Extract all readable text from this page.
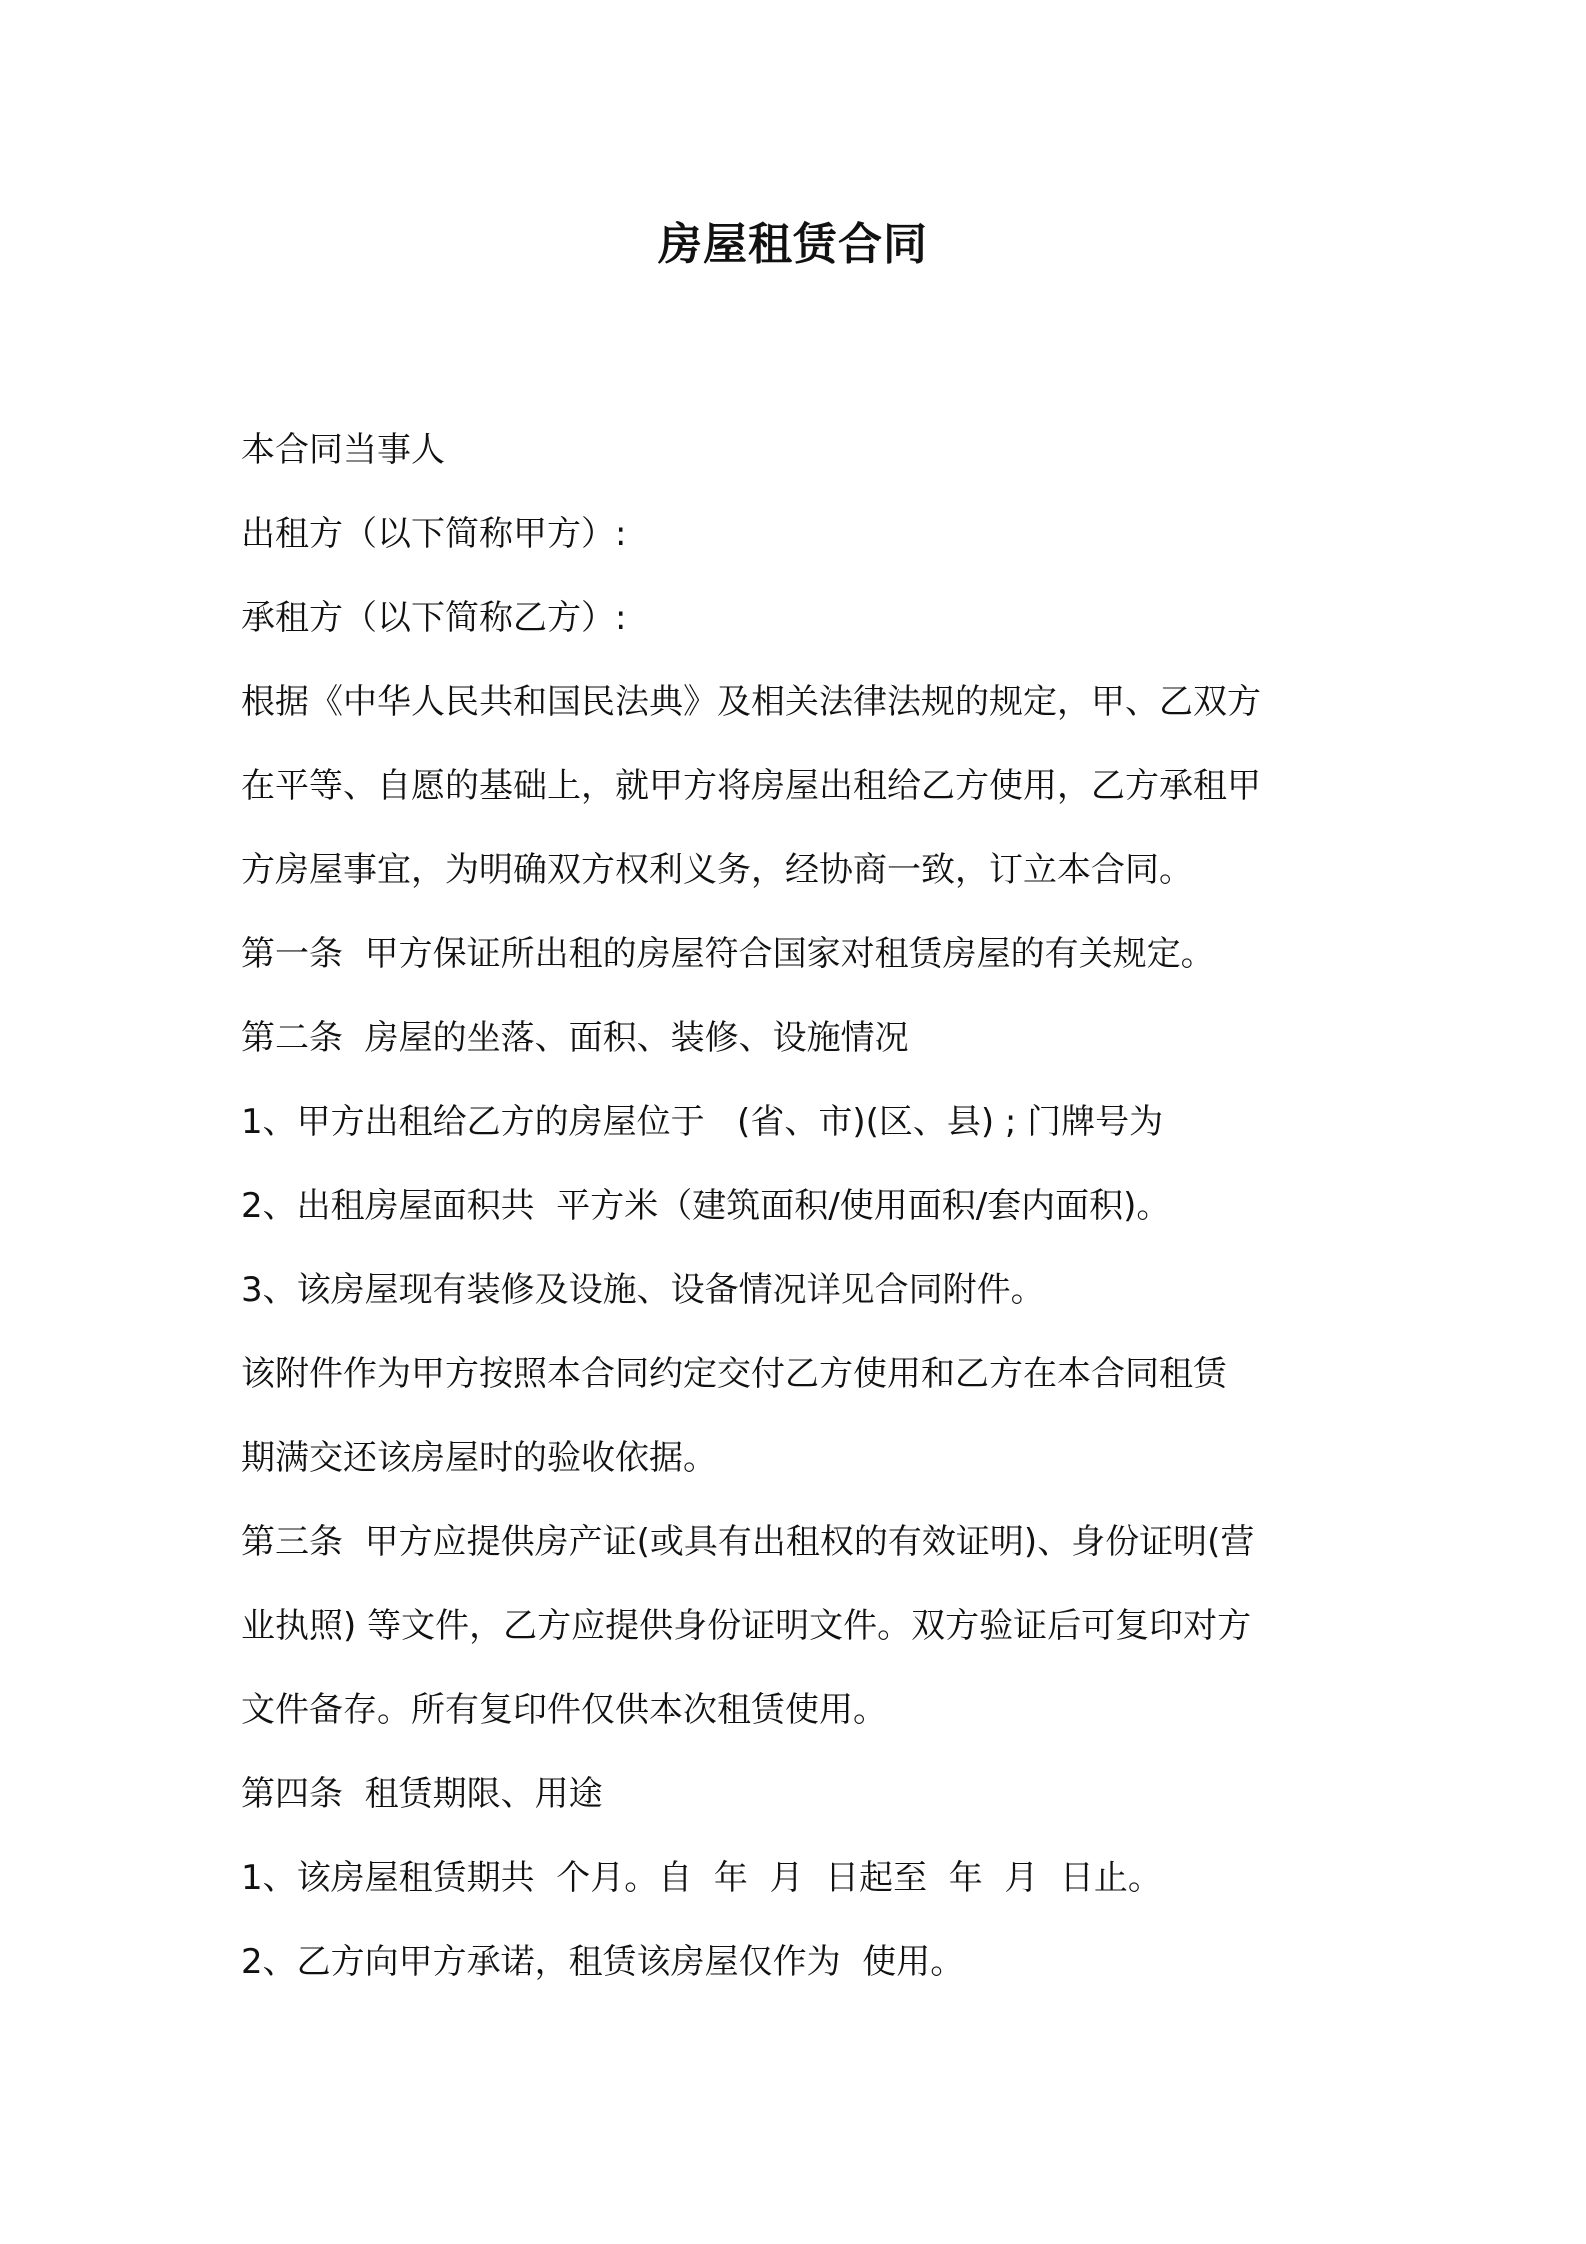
房屋租赁合同
本合同当事人
出租方（以下简称甲方）:
承租方（以下简称乙方）:
根据《中华人民共和国民法典》及相关法律法规的规定，甲、乙双方
在平等、自愿的基础上，就甲方将房屋出租给乙方使用，乙方承租甲
方房屋事宜，为明确双方权利义务，经协商一致，订立本合同。
第一条  甲方保证所出租的房屋符合国家对租赁房屋的有关规定。
第二条  房屋的坐落、面积、装修、设施情况
1、甲方出租给乙方的房屋位于   (省、市)(区、县) ; 门牌号为
2、出租房屋面积共  平方米（建筑面积/使用面积/套内面积)。
3、该房屋现有装修及设施、设备情况详见合同附件。
该附件作为甲方按照本合同约定交付乙方使用和乙方在本合同租赁
期满交还该房屋时的验收依据。
第三条  甲方应提供房产证(或具有出租权的有效证明)、身份证明(营
业执照) 等文件，乙方应提供身份证明文件。双方验证后可复印对方
文件备存。所有复印件仅供本次租赁使用。
第四条  租赁期限、用途
1、该房屋租赁期共  个月。自  年  月  日起至  年  月  日止。
2、乙方向甲方承诺，租赁该房屋仅作为  使用。
